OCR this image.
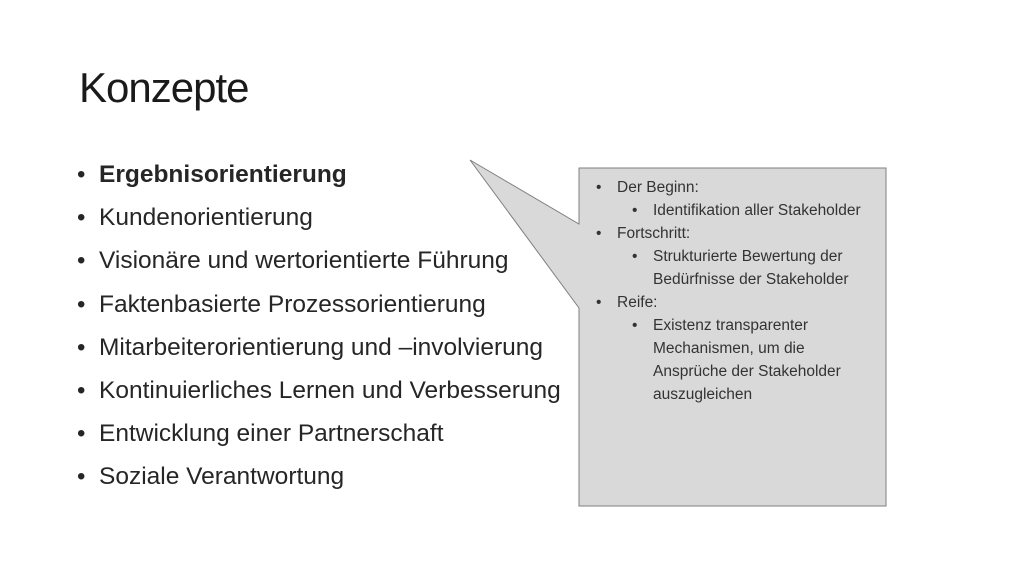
Konzepte
• Ergebnisorientierung
• Kundenorientierung
• Visionäre und wertorientierte Führung
• Faktenbasierte Prozessorientierung
• Mitarbeiterorientierung und –involvierung
• Kontinuierliches Lernen und Verbesserung
• Entwicklung einer Partnerschaft
• Soziale Verantwortung
• Der Beginn:
• Identifikation aller Stakeholder
• Fortschritt:
• Strukturierte Bewertung der Bedürfnisse der Stakeholder
• Reife:
• Existenz transparenter Mechanismen, um die Ansprüche der Stakeholder auszugleichen
